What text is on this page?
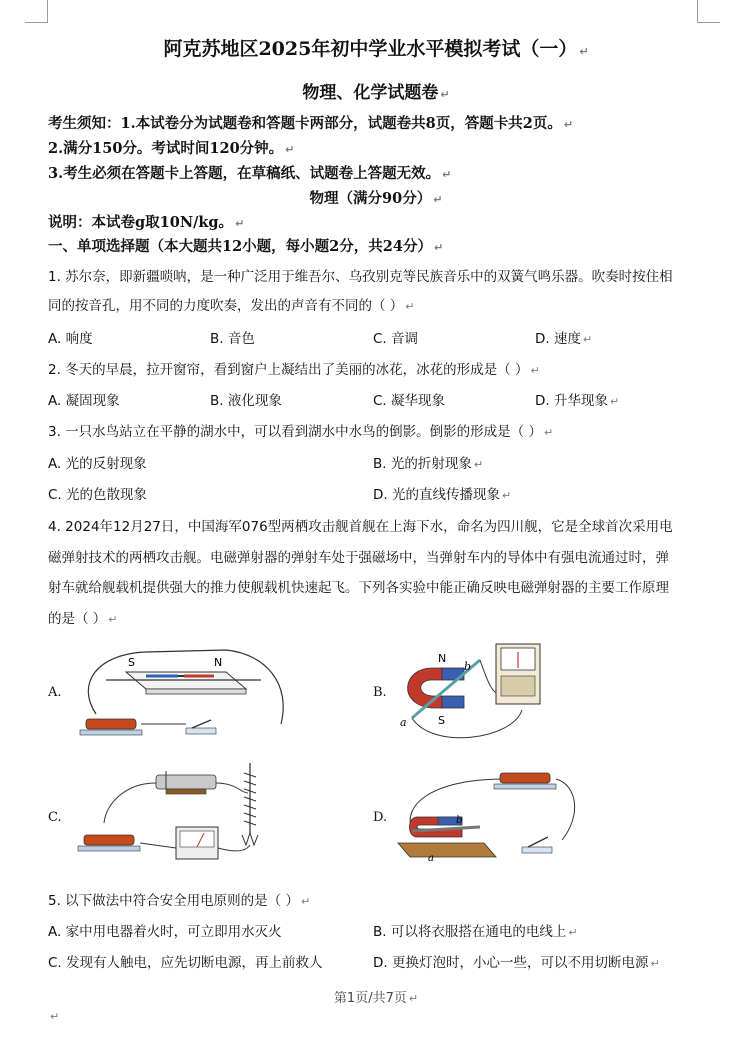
阿克苏地区2025年初中学业水平模拟考试（一） ↵
物理、化学试题卷 ↵
考生须知：1.本试卷分为试题卷和答题卡两部分，试题卷共8页，答题卡共2页。 ↵
2.满分150分。考试时间120分钟。 ↵
3.考生必须在答题卡上答题，在草稿纸、试题卷上答题无效。 ↵
物理（满分90分） ↵
说明：本试卷g取10N/kg。 ↵
一、单项选择题（本大题共12小题，每小题2分，共24分） ↵
1. 苏尔奈，即新疆唢呐，是一种广泛用于维吾尔、乌孜别克等民族音乐中的双簧气鸣乐器。吹奏时按住相
同的按音孔，用不同的力度吹奏，发出的声音有不同的（ ） ↵
A. 响度	B. 音色	C. 音调	D. 速度 ↵
2. 冬天的早晨，拉开窗帘，看到窗户上凝结出了美丽的冰花，冰花的形成是（ ） ↵
A. 凝固现象	B. 液化现象	C. 凝华现象	D. 升华现象 ↵
3. 一只水鸟站立在平静的湖水中，可以看到湖水中水鸟的倒影。倒影的形成是（ ） ↵
A. 光的反射现象	B. 光的折射现象 ↵
C. 光的色散现象	D. 光的直线传播现象 ↵
4. 2024年12月27日，中国海军076型两栖攻击舰首舰在上海下水，命名为四川舰，它是全球首次采用电
磁弹射技术的两栖攻击舰。电磁弹射器的弹射车处于强磁场中，当弹射车内的导体中有强电流通过时，弹
射车就给舰载机提供强大的推力使舰载机快速起飞。下列各实验中能正确反映电磁弹射器的主要工作原理
的是（ ） ↵
A.	B.
C.	D.
S	N	N
S
a
b
a
b
5. 以下做法中符合安全用电原则的是（ ） ↵
A. 家中用电器着火时，可立即用水灭火	B. 可以将衣服搭在通电的电线上 ↵
C. 发现有人触电，应先切断电源，再上前救人	D. 更换灯泡时，小心一些，可以不用切断电源 ↵
第1页/共7页 ↵
↵
